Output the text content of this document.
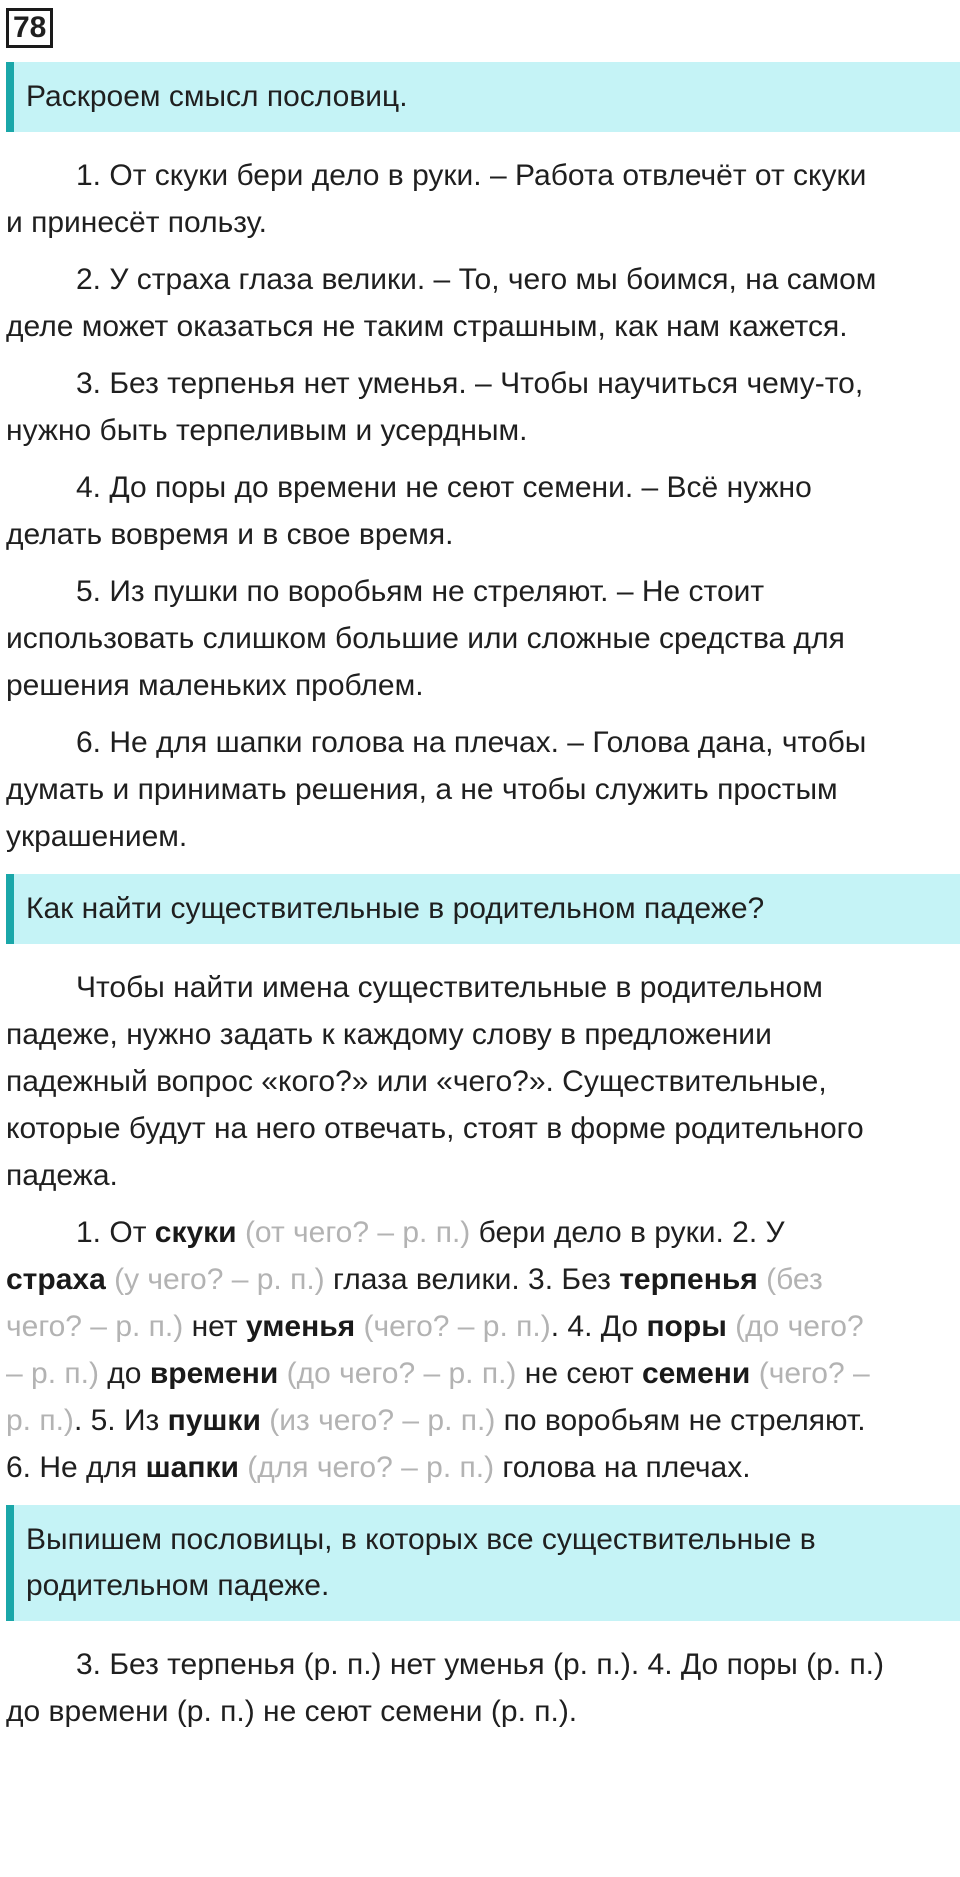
78
Раскроем смысл пословиц.

1. От скуки бери дело в руки. – Работа отвлечёт от скуки и принесёт пользу.

2. У страха глаза велики. – То, чего мы боимся, на самом деле может оказаться не таким страшным, как нам кажется.

3. Без терпенья нет уменья. – Чтобы научиться чему-то, нужно быть терпеливым и усердным.

4. До поры до времени не сеют семени. – Всё нужно делать вовремя и в свое время.

5. Из пушки по воробьям не стреляют. – Не стоит использовать слишком большие или сложные средства для решения маленьких проблем.

6. Не для шапки голова на плечах. – Голова дана, чтобы думать и принимать решения, а не чтобы служить простым украшением.

Как найти существительные в родительном падеже?

Чтобы найти имена существительные в родительном падеже, нужно задать к каждому слову в предложении падежный вопрос «кого?» или «чего?». Существительные, которые будут на него отвечать, стоят в форме родительного падежа.

1. От скуки (от чего? – р. п.) бери дело в руки. 2. У страха (у чего? – р. п.) глаза велики. 3. Без терпенья (без чего? – р. п.) нет уменья (чего? – р. п.). 4. До поры (до чего? – р. п.) до времени (до чего? – р. п.) не сеют семени (чего? – р. п.). 5. Из пушки (из чего? – р. п.) по воробьям не стреляют. 6. Не для шапки (для чего? – р. п.) голова на плечах.

Выпишем пословицы, в которых все существительные в родительном падеже.

3. Без терпенья (р. п.) нет уменья (р. п.). 4. До поры (р. п.) до времени (р. п.) не сеют семени (р. п.).
